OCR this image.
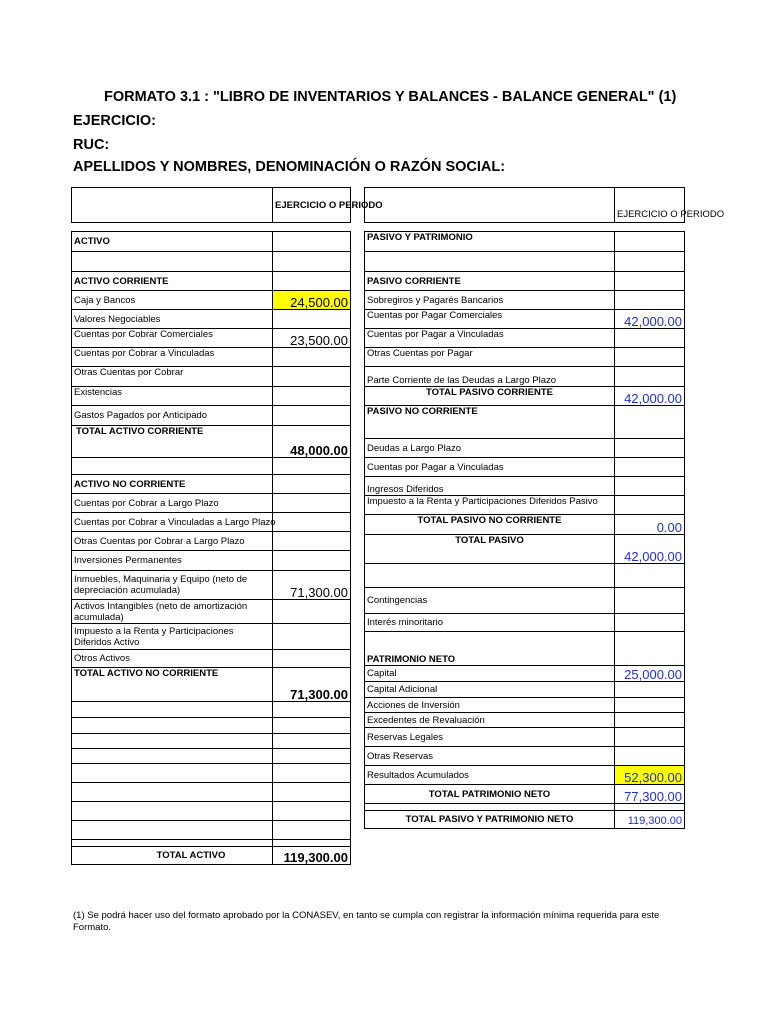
FORMATO 3.1 : "LIBRO DE INVENTARIOS Y BALANCES - BALANCE GENERAL" (1)
EJERCICIO:
RUC:
APELLIDOS Y NOMBRES, DENOMINACIÓN O RAZÓN SOCIAL:
	EJERCICIO O PERIODO

ACTIVO	

ACTIVO CORRIENTE	
Caja y Bancos	24,500.00
Valores Negociables	
Cuentas por Cobrar Comerciales	23,500.00
Cuentas por Cobrar a Vinculadas	
Otras Cuentas por Cobrar	
Existencias	
Gastos Pagados por Anticipado	
TOTAL ACTIVO CORRIENTE	48,000.00

ACTIVO NO CORRIENTE	
Cuentas por Cobrar a Largo Plazo	
Cuentas por Cobrar a Vinculadas a Largo Plazo	
Otras Cuentas por Cobrar a Largo Plazo	
Inversiones Permanentes	
Inmuebles, Maquinaria y Equipo (neto de depreciación acumulada)	71,300.00
Activos Intangibles (neto de amortización acumulada)	
Impuesto a la Renta y Participaciones Diferidos Activo	
Otros Activos	
TOTAL ACTIVO NO CORRIENTE	71,300.00

TOTAL ACTIVO	119,300.00
	EJERCICIO O PERIODO

PASIVO Y PATRIMONIO	

PASIVO CORRIENTE	
Sobregiros y Pagarés Bancarios	
Cuentas por Pagar Comerciales	42,000.00
Cuentas por Pagar a Vinculadas	
Otras Cuentas por Pagar	
Parte Corriente de las Deudas a Largo Plazo	
TOTAL PASIVO CORRIENTE	42,000.00
PASIVO NO CORRIENTE	

Deudas a Largo Plazo	
Cuentas por Pagar a Vinculadas	
Ingresos Diferidos	
Impuesto a la Renta y Participaciones Diferidos Pasivo	
TOTAL PASIVO NO CORRIENTE	0.00
TOTAL PASIVO	42,000.00

Contingencias	
Interés minoritario	
PATRIMONIO NETO	
Capital	25,000.00
Capital Adicional	
Acciones de Inversión	
Excedentes de Revaluación	
Reservas Legales	
Otras Reservas	
Resultados Acumulados	52,300.00
TOTAL PATRIMONIO NETO	77,300.00

TOTAL PASIVO Y PATRIMONIO NETO	119,300.00
(1) Se podrá hacer uso del formato aprobado por la CONASEV, en tanto se cumpla con registrar la información mínima requerida para este Formato.
